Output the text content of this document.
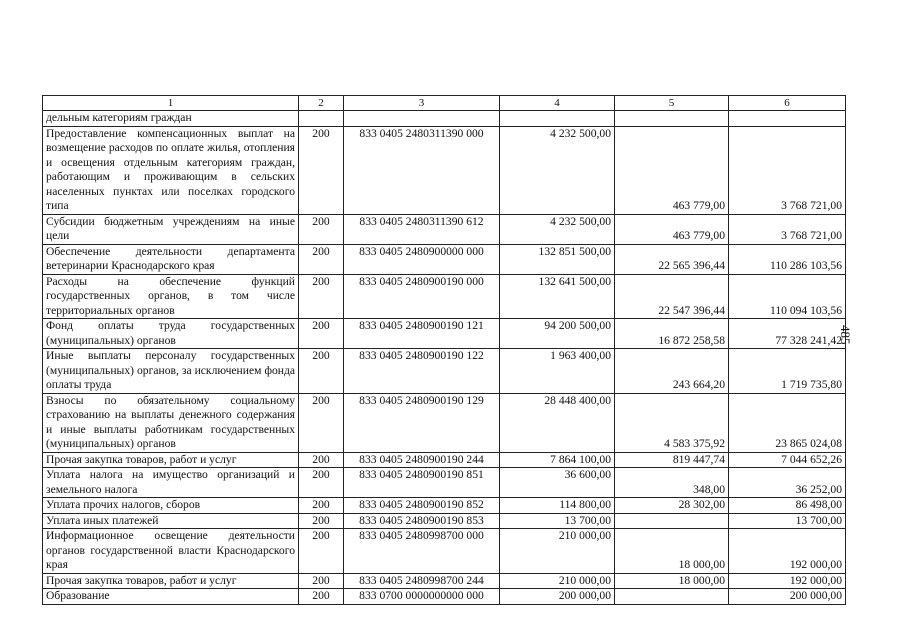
1	2	3	4	5	6
дельным категориям граждан					
Предоставление компенсационных выплат на возмещение расходов по оплате жилья, отопления и освещения отдельным категориям граждан, работающим и проживающим в сельских населенных пунктах или поселках городского типа	200	833 0405 2480311390 000	4 232 500,00	463 779,00	3 768 721,00
Субсидии бюджетным учреждениям на иные цели	200	833 0405 2480311390 612	4 232 500,00	463 779,00	3 768 721,00
Обеспечение деятельности департамента ветеринарии Краснодарского края	200	833 0405 2480900000 000	132 851 500,00	22 565 396,44	110 286 103,56
Расходы на обеспечение функций государственных органов, в том числе территориальных органов	200	833 0405 2480900190 000	132 641 500,00	22 547 396,44	110 094 103,56
Фонд оплаты труда государственных (муниципальных) органов	200	833 0405 2480900190 121	94 200 500,00	16 872 258,58	77 328 241,42
Иные выплаты персоналу государственных (муниципальных) органов, за исключением фонда оплаты труда	200	833 0405 2480900190 122	1 963 400,00	243 664,20	1 719 735,80
Взносы по обязательному социальному страхованию на выплаты денежного содержания и иные выплаты работникам государственных (муниципальных) органов	200	833 0405 2480900190 129	28 448 400,00	4 583 375,92	23 865 024,08
Прочая закупка товаров, работ и услуг	200	833 0405 2480900190 244	7 864 100,00	819 447,74	7 044 652,26
Уплата налога на имущество организаций и земельного налога	200	833 0405 2480900190 851	36 600,00	348,00	36 252,00
Уплата прочих налогов, сборов	200	833 0405 2480900190 852	114 800,00	28 302,00	86 498,00
Уплата иных платежей	200	833 0405 2480900190 853	13 700,00		13 700,00
Информационное освещение деятельности органов государственной власти Краснодарского края	200	833 0405 2480998700 000	210 000,00	18 000,00	192 000,00
Прочая закупка товаров, работ и услуг	200	833 0405 2480998700 244	210 000,00	18 000,00	192 000,00
Образование	200	833 0700 0000000000 000	200 000,00		200 000,00
485
